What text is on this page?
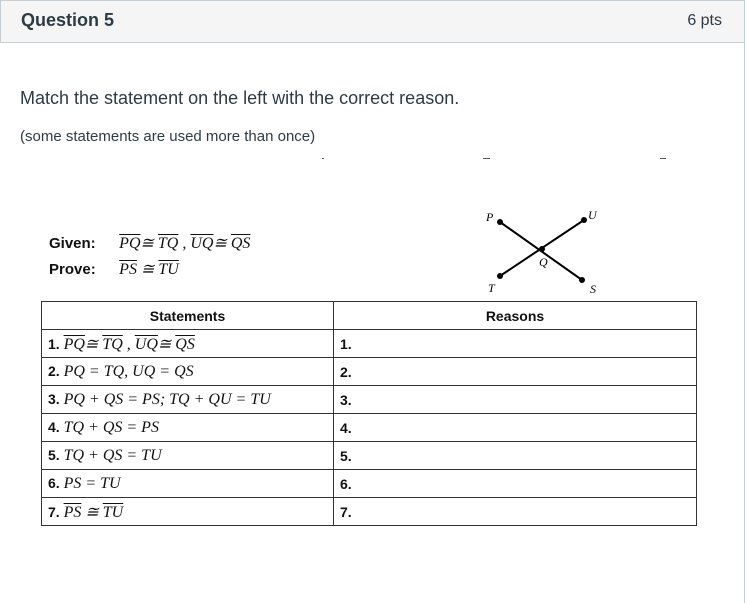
Question 5	6 pts
Match the statement on the left with the correct reason.
(some statements are used more than once)
Given: $\overline{PQ}≅$ $\overline{TQ}$ , $\overline{UQ}≅$ $\overline{QS}$
Prove: $\overline{PS}$ ≅ $\overline{TU}$
P	U
Q
T	S
Statements	Reasons
1. $\overline{PQ}≅$ $\overline{TQ}$ , $\overline{UQ}≅$ $\overline{QS}$	1.
2. PQ = TQ, UQ = QS	2.
3. PQ + QS = PS; TQ + QU = TU	3.
4. TQ + QS = PS	4.
5. TQ + QS = TU	5.
6. PS = TU	6.
7. $\overline{PS}$ ≅ $\overline{TU}$	7.
